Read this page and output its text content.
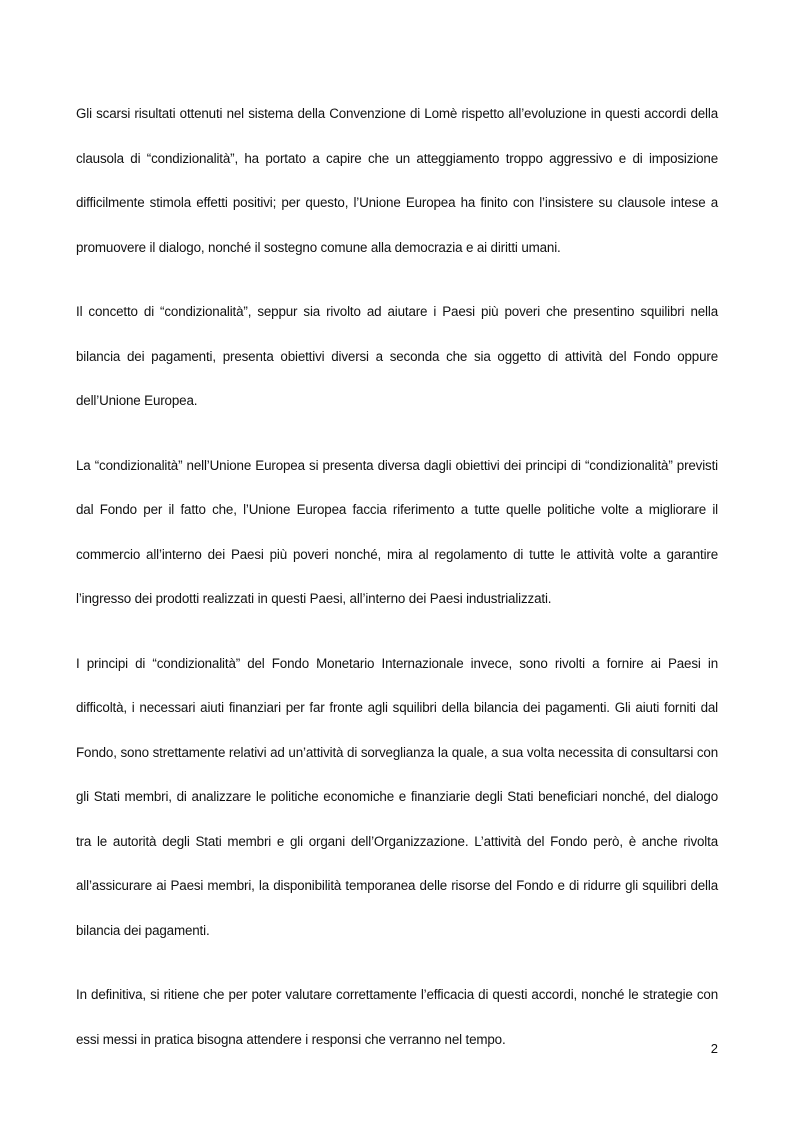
Gli scarsi risultati ottenuti nel sistema della Convenzione di Lomè rispetto all’evoluzione in questi accordi della clausola di “condizionalità”, ha portato a capire che un atteggiamento troppo aggressivo e di imposizione difficilmente stimola effetti positivi; per questo, l’Unione Europea ha finito con l’insistere su clausole intese a promuovere il dialogo, nonché il sostegno comune alla democrazia e ai diritti umani.

Il concetto di “condizionalità”, seppur sia rivolto ad aiutare i Paesi più poveri che presentino squilibri nella bilancia dei pagamenti, presenta obiettivi diversi a seconda che sia oggetto di attività del Fondo oppure dell’Unione Europea.

La “condizionalità” nell’Unione Europea si presenta diversa dagli obiettivi dei principi di “condizionalità” previsti dal Fondo per il fatto che, l’Unione Europea faccia riferimento a tutte quelle politiche volte a migliorare il commercio all’interno dei Paesi più poveri nonché, mira al regolamento di tutte le attività volte a garantire l’ingresso dei prodotti realizzati in questi Paesi, all’interno dei Paesi industrializzati.

I principi di “condizionalità” del Fondo Monetario Internazionale invece, sono rivolti a fornire ai Paesi in difficoltà, i necessari aiuti finanziari per far fronte agli squilibri della bilancia dei pagamenti. Gli aiuti forniti dal Fondo, sono strettamente relativi ad un’attività di sorveglianza la quale, a sua volta necessita di consultarsi con gli Stati membri, di analizzare le politiche economiche e finanziarie degli Stati beneficiari nonché, del dialogo tra le autorità degli Stati membri e gli organi dell’Organizzazione. L’attività del Fondo però, è anche rivolta all’assicurare ai Paesi membri, la disponibilità temporanea delle risorse del Fondo e di ridurre gli squilibri della bilancia dei pagamenti.

In definitiva, si ritiene che per poter valutare correttamente l’efficacia di questi accordi, nonché le strategie con essi messi in pratica bisogna attendere i responsi che verranno nel tempo.

2
